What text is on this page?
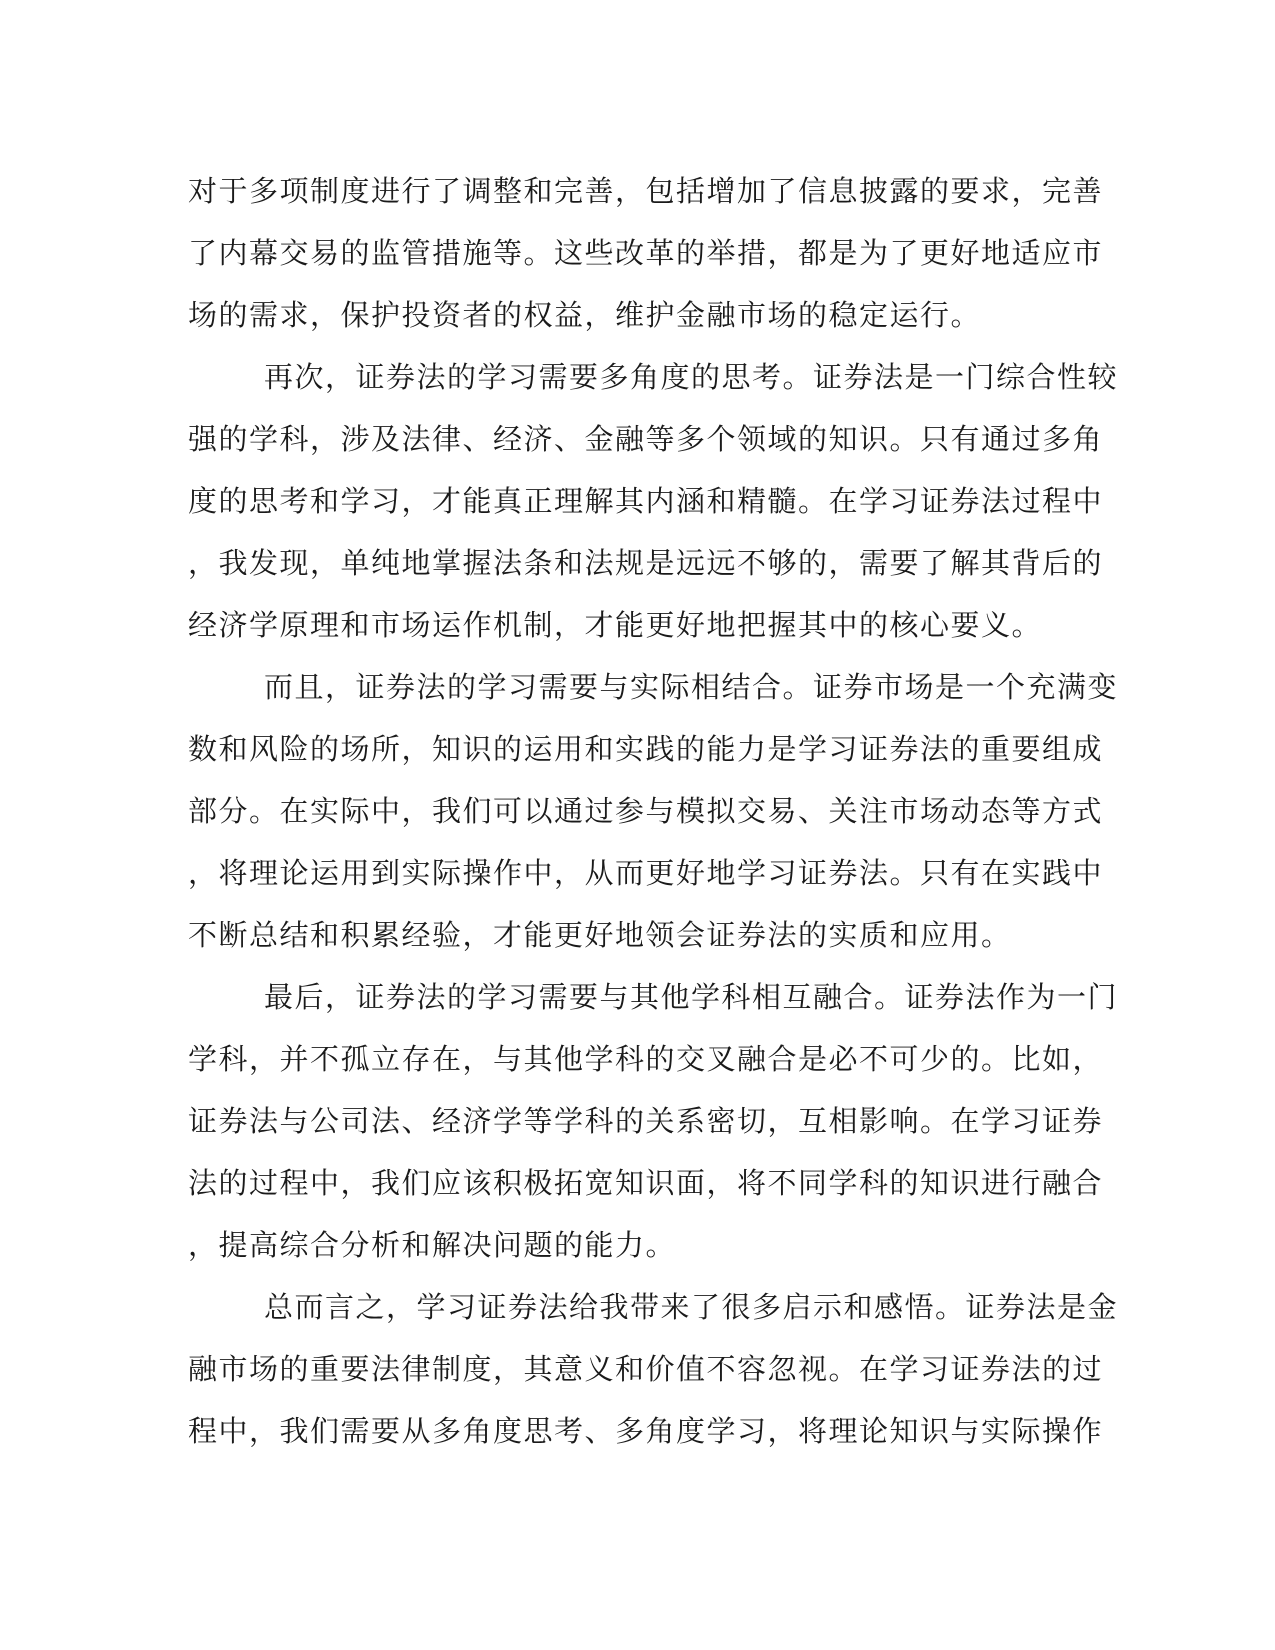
对于多项制度进行了调整和完善，包括增加了信息披露的要求，完善
了内幕交易的监管措施等。这些改革的举措，都是为了更好地适应市
场的需求，保护投资者的权益，维护金融市场的稳定运行。
再次，证券法的学习需要多角度的思考。证券法是一门综合性较
强的学科，涉及法律、经济、金融等多个领域的知识。只有通过多角
度的思考和学习，才能真正理解其内涵和精髓。在学习证券法过程中
，我发现，单纯地掌握法条和法规是远远不够的，需要了解其背后的
经济学原理和市场运作机制，才能更好地把握其中的核心要义。
而且，证券法的学习需要与实际相结合。证券市场是一个充满变
数和风险的场所，知识的运用和实践的能力是学习证券法的重要组成
部分。在实际中，我们可以通过参与模拟交易、关注市场动态等方式
，将理论运用到实际操作中，从而更好地学习证券法。只有在实践中
不断总结和积累经验，才能更好地领会证券法的实质和应用。
最后，证券法的学习需要与其他学科相互融合。证券法作为一门
学科，并不孤立存在，与其他学科的交叉融合是必不可少的。比如，
证券法与公司法、经济学等学科的关系密切，互相影响。在学习证券
法的过程中，我们应该积极拓宽知识面，将不同学科的知识进行融合
，提高综合分析和解决问题的能力。
总而言之，学习证券法给我带来了很多启示和感悟。证券法是金
融市场的重要法律制度，其意义和价值不容忽视。在学习证券法的过
程中，我们需要从多角度思考、多角度学习，将理论知识与实际操作
